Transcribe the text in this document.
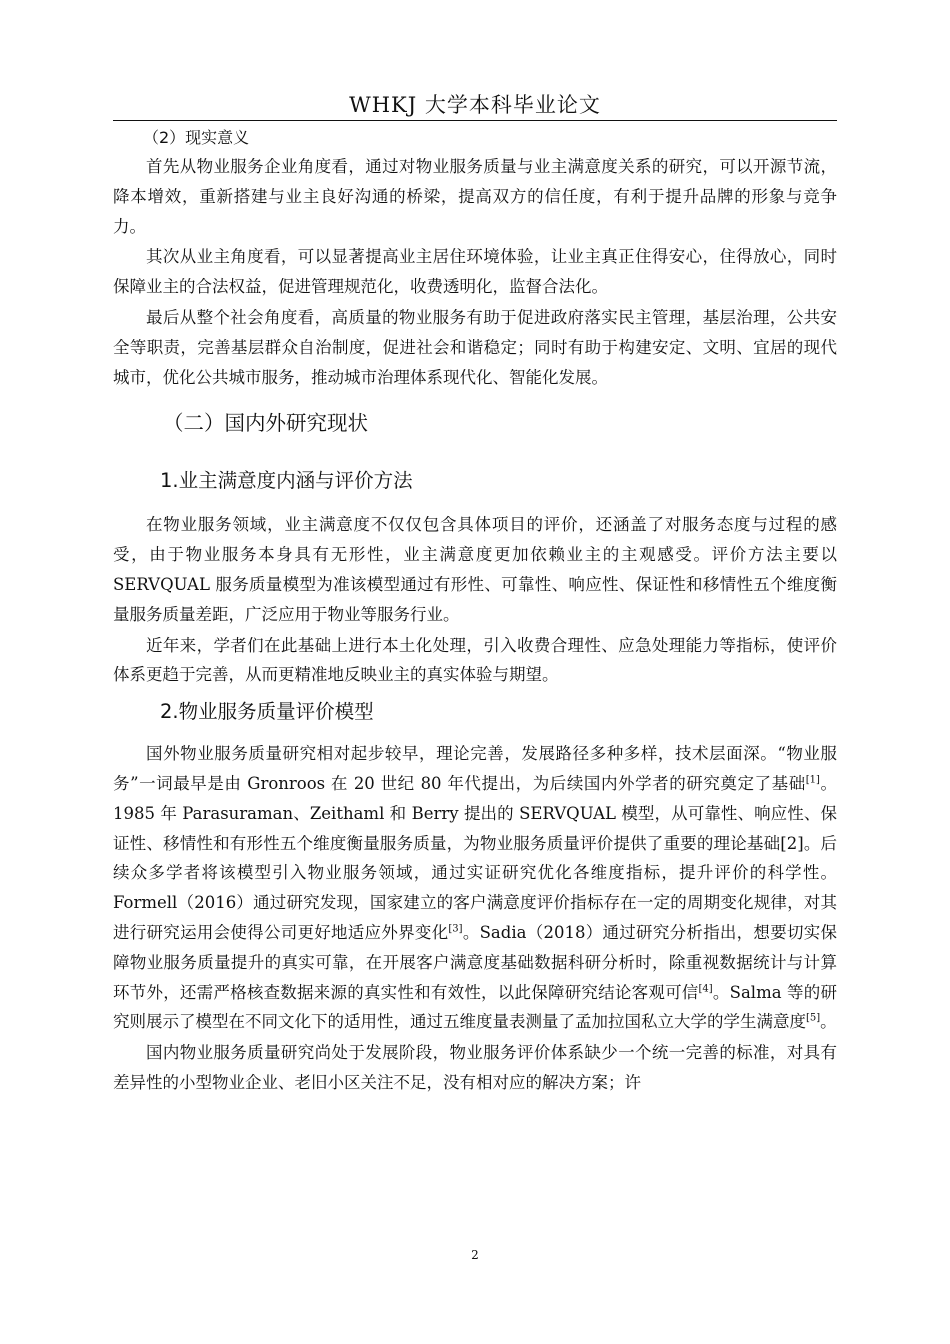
WHKJ 大学本科毕业论文

（2）现实意义

首先从物业服务企业角度看，通过对物业服务质量与业主满意度关系的研究，可以开源节流，降本增效，重新搭建与业主良好沟通的桥梁，提高双方的信任度，有利于提升品牌的形象与竞争力。

其次从业主角度看，可以显著提高业主居住环境体验，让业主真正住得安心，住得放心，同时保障业主的合法权益，促进管理规范化，收费透明化，监督合法化。

最后从整个社会角度看，高质量的物业服务有助于促进政府落实民主管理，基层治理，公共安全等职责，完善基层群众自治制度，促进社会和谐稳定；同时有助于构建安定、文明、宜居的现代城市，优化公共城市服务，推动城市治理体系现代化、智能化发展。

（二）国内外研究现状

1.业主满意度内涵与评价方法

在物业服务领域，业主满意度不仅仅包含具体项目的评价，还涵盖了对服务态度与过程的感受，由于物业服务本身具有无形性，业主满意度更加依赖业主的主观感受。评价方法主要以 SERVQUAL 服务质量模型为准该模型通过有形性、可靠性、响应性、保证性和移情性五个维度衡量服务质量差距，广泛应用于物业等服务行业。

近年来，学者们在此基础上进行本土化处理，引入收费合理性、应急处理能力等指标，使评价体系更趋于完善，从而更精准地反映业主的真实体验与期望。

2.物业服务质量评价模型

国外物业服务质量研究相对起步较早，理论完善，发展路径多种多样，技术层面深。“物业服务”一词最早是由 Gronroos 在 20 世纪 80 年代提出，为后续国内外学者的研究奠定了基础[1]。1985 年 Parasuraman、Zeithaml 和 Berry 提出的 SERVQUAL 模型，从可靠性、响应性、保证性、移情性和有形性五个维度衡量服务质量，为物业服务质量评价提供了重要的理论基础[2]。后续众多学者将该模型引入物业服务领域，通过实证研究优化各维度指标，提升评价的科学性。Formell（2016）通过研究发现，国家建立的客户满意度评价指标存在一定的周期变化规律，对其进行研究运用会使得公司更好地适应外界变化[3]。Sadia（2018）通过研究分析指出，想要切实保障物业服务质量提升的真实可靠，在开展客户满意度基础数据科研分析时，除重视数据统计与计算环节外，还需严格核查数据来源的真实性和有效性，以此保障研究结论客观可信[4]。Salma 等的研究则展示了模型在不同文化下的适用性，通过五维度量表测量了孟加拉国私立大学的学生满意度[5]。

国内物业服务质量研究尚处于发展阶段，物业服务评价体系缺少一个统一完善的标准，对具有差异性的小型物业企业、老旧小区关注不足，没有相对应的解决方案；许

2
